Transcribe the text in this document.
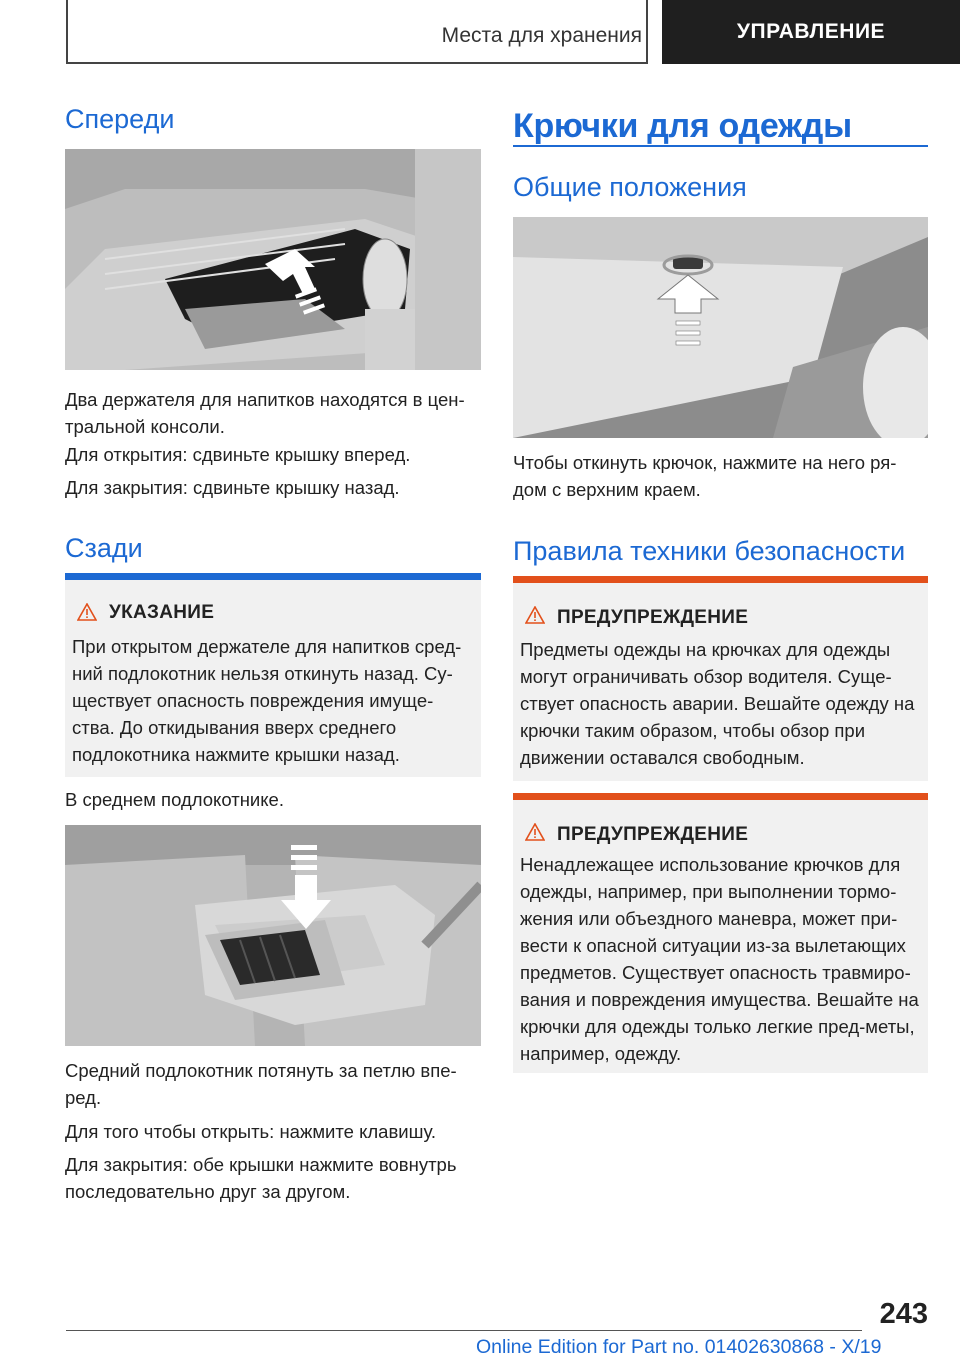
Места для хранения	УПРАВЛЕНИЕ
Спереди

Два держателя для напитков находятся в цен-тральной консоли.

Для открытия: сдвиньте крышку вперед.

Для закрытия: сдвиньте крышку назад.

Сзади
УКАЗАНИЕ

При открытом держателе для напитков сред-ний подлокотник нельзя откинуть назад. Су-ществует опасность повреждения имуще-ства. До откидывания вверх среднего подлокотника нажмите крышки назад.

В среднем подлокотнике.

Средний подлокотник потянуть за петлю впе-ред.

Для того чтобы открыть: нажмите клавишу.

Для закрытия: обе крышки нажмите вовнутрь последовательно друг за другом.

Крючки для одежды
Общие положения

Чтобы откинуть крючок, нажмите на него ря-дом с верхним краем.

Правила техники безопасности
ПРЕДУПРЕЖДЕНИЕ

Предметы одежды на крючках для одежды могут ограничивать обзор водителя. Суще-ствует опасность аварии. Вешайте одежду на крючки таким образом, чтобы обзор при движении оставался свободным.

ПРЕДУПРЕЖДЕНИЕ

Ненадлежащее использование крючков для одежды, например, при выполнении тормо-жения или объездного маневра, может при-вести к опасной ситуации из-за вылетающих предметов. Существует опасность травмиро-вания и повреждения имущества. Вешайте на крючки для одежды только легкие пред-меты, например, одежду.

243
Online Edition for Part no. 01402630868 - X/19
